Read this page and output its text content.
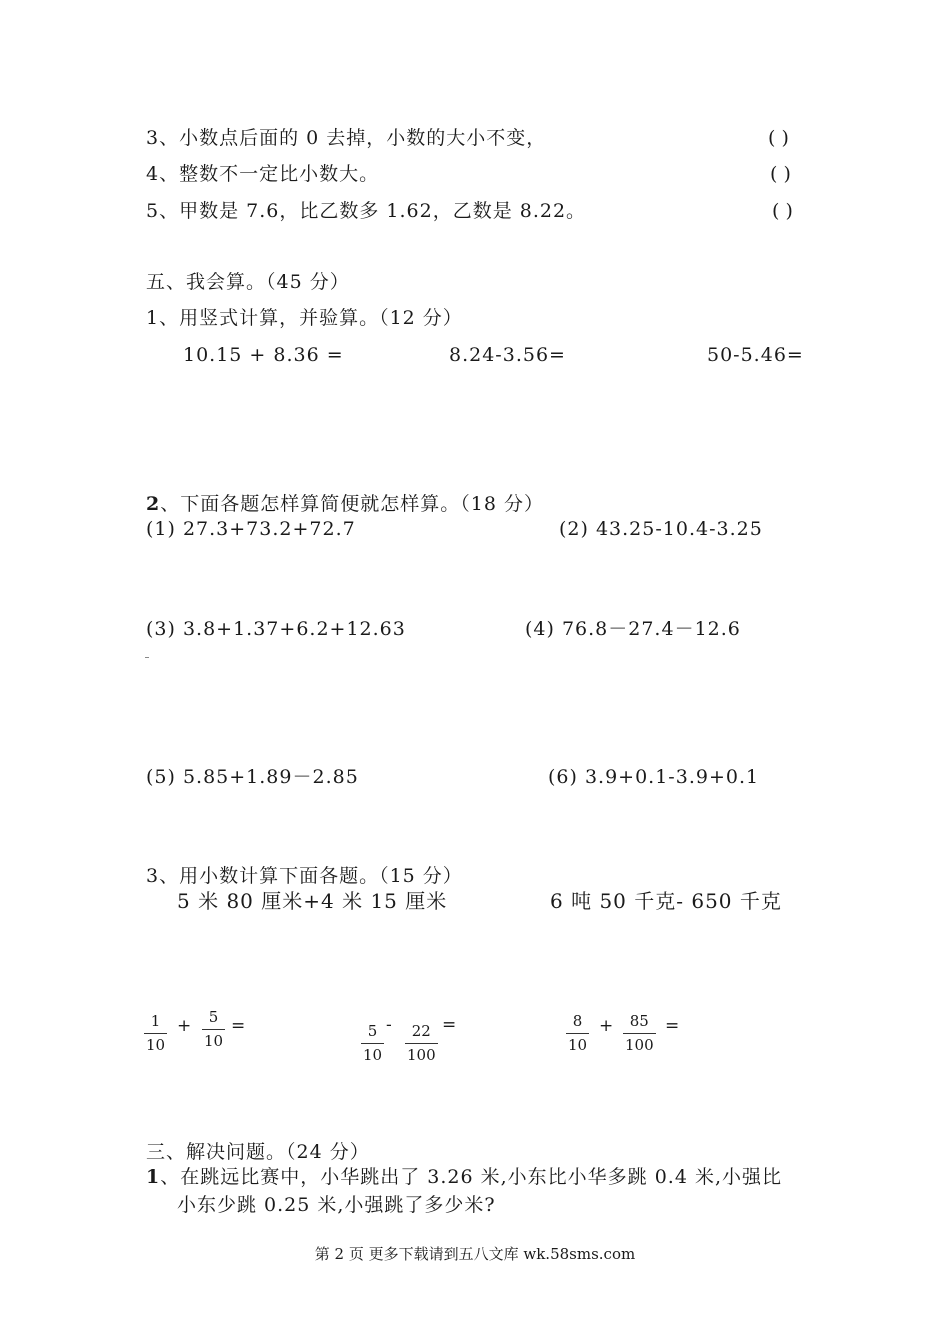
3、小数点后面的 0 去掉，小数的大小不变，	( )
4、整数不一定比小数大。	( )
5、甲数是 7.6，比乙数多 1.62，乙数是 8.22。	( )
五、我会算。（45 分）
1、用竖式计算，并验算。（12 分）
10.15 + 8.36 =	8.24-3.56=	50-5.46=
2、下面各题怎样算简便就怎样算。（18 分）
(1) 27.3+73.2+72.7	(2) 43.25-10.4-3.25
(3) 3.8+1.37+6.2+12.63	(4) 76.8－27.4－12.6
(5) 5.85+1.89－2.85	(6) 3.9+0.1-3.9+0.1
3、用小数计算下面各题。（15 分）
5 米 80 厘米+4 米 15 厘米	6 吨 50 千克- 650 千克
1
10
+ 5
10
=	5
10
- 22
100
=	8
10
+ 85
100
=
三、解决问题。（24 分）
1、在跳远比赛中，小华跳出了 3.26 米,小东比小华多跳 0.4 米,小强比
小东少跳 0.25 米,小强跳了多少米?
第 2 页 更多下载请到五八文库 wk.58sms.com
